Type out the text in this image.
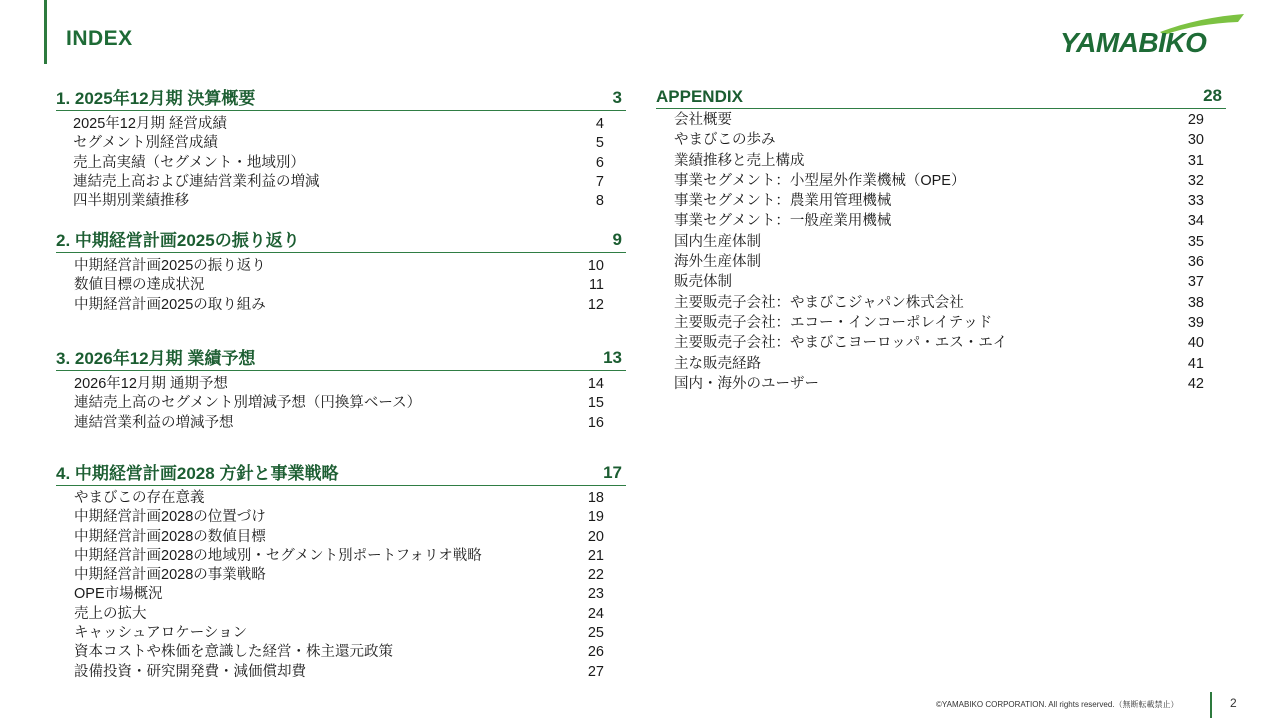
INDEX	YAMABIKO
1. 2025年12月期 決算概要	3
2025年12月期 経営成績	4
セグメント別経営成績	5
売上高実績（セグメント・地域別）	6
連結売上高および連結営業利益の増減	7
四半期別業績推移	8
2. 中期経営計画2025の振り返り	9
中期経営計画2025の振り返り	10
数値目標の達成状況	11
中期経営計画2025の取り組み	12
3. 2026年12月期 業績予想	13
2026年12月期 通期予想	14
連結売上高のセグメント別増減予想（円換算ベース）	15
連結営業利益の増減予想	16
4. 中期経営計画2028 方針と事業戦略	17
やまびこの存在意義	18
中期経営計画2028の位置づけ	19
中期経営計画2028の数値目標	20
中期経営計画2028の地域別・セグメント別ポートフォリオ戦略	21
中期経営計画2028の事業戦略	22
OPE市場概況	23
売上の拡大	24
キャッシュアロケーション	25
資本コストや株価を意識した経営・株主還元政策	26
設備投資・研究開発費・減価償却費	27
APPENDIX	28
会社概要	29
やまびこの歩み	30
業績推移と売上構成	31
事業セグメント：小型屋外作業機械（OPE）	32
事業セグメント：農業用管理機械	33
事業セグメント：一般産業用機械	34
国内生産体制	35
海外生産体制	36
販売体制	37
主要販売子会社：やまびこジャパン株式会社	38
主要販売子会社：エコー・インコーポレイテッド	39
主要販売子会社：やまびこヨーロッパ・エス・エイ	40
主な販売経路	41
国内・海外のユーザー	42
©YAMABIKO CORPORATION. All rights reserved.（無断転載禁止）	2
